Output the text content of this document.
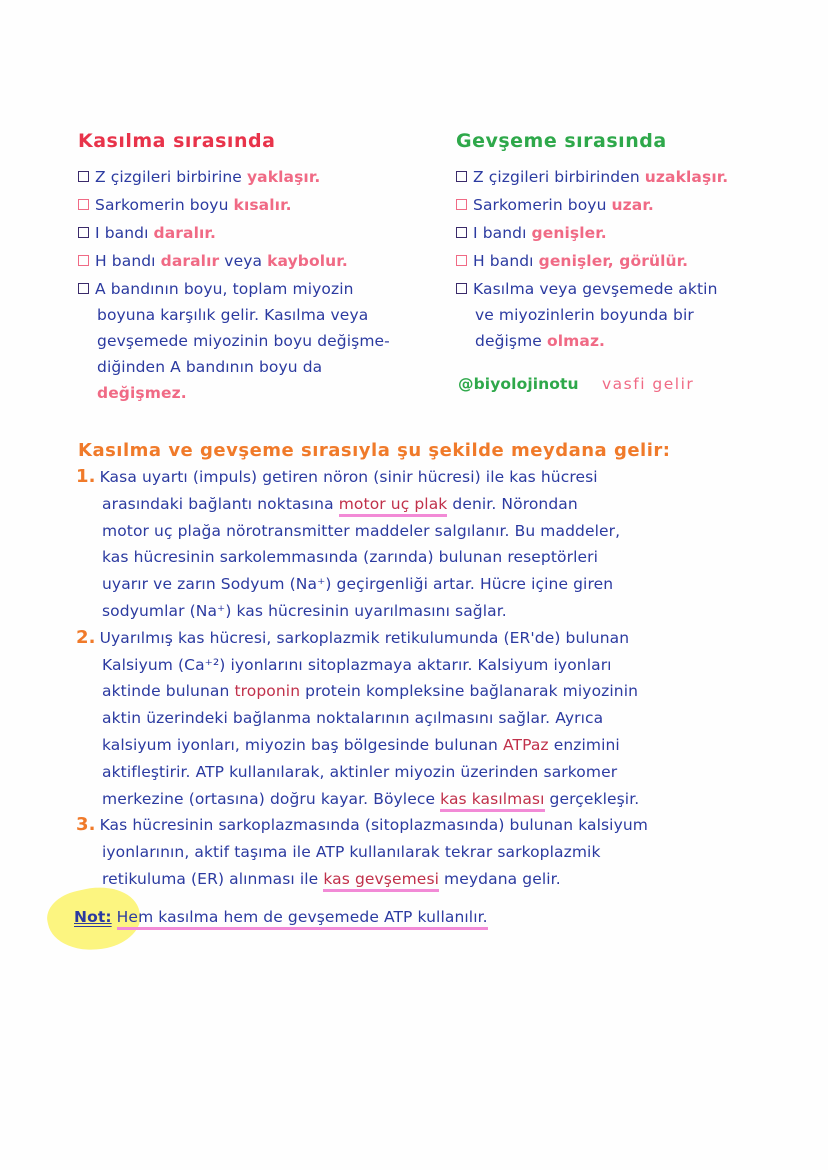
Kasılma sırasında	Gevşeme sırasında
Z çizgileri birbirine yaklaşır.
Sarkomerin boyu kısalır.
I bandı daralır.
H bandı daralır veya kaybolur.
A bandının boyu, toplam miyozin
boyuna karşılık gelir. Kasılma veya
gevşemede miyozinin boyu değişme-
diğinden A bandının boyu da
değişmez.
Z çizgileri birbirinden uzaklaşır.
Sarkomerin boyu uzar.
I bandı genişler.
H bandı genişler, görülür.
Kasılma veya gevşemede aktin
ve miyozinlerin boyunda bir
değişme olmaz.
@biyolojinotu vasfi gelir
Kasılma ve gevşeme sırasıyla şu şekilde meydana gelir:
1. Kasa uyartı (impuls) getiren nöron (sinir hücresi) ile kas hücresi
arasındaki bağlantı noktasına motor uç plak denir. Nörondan
motor uç plağa nörotransmitter maddeler salgılanır. Bu maddeler,
kas hücresinin sarkolemmasında (zarında) bulunan reseptörleri
uyarır ve zarın Sodyum (Na⁺) geçirgenliği artar. Hücre içine giren
sodyumlar (Na⁺) kas hücresinin uyarılmasını sağlar.
2. Uyarılmış kas hücresi, sarkoplazmik retikulumunda (ER'de) bulunan
Kalsiyum (Ca⁺²) iyonlarını sitoplazmaya aktarır. Kalsiyum iyonları
aktinde bulunan troponin protein kompleksine bağlanarak miyozinin
aktin üzerindeki bağlanma noktalarının açılmasını sağlar. Ayrıca
kalsiyum iyonları, miyozin baş bölgesinde bulunan ATPaz enzimini
aktifleştirir. ATP kullanılarak, aktinler miyozin üzerinden sarkomer
merkezine (ortasına) doğru kayar. Böylece kas kasılması gerçekleşir.
3. Kas hücresinin sarkoplazmasında (sitoplazmasında) bulunan kalsiyum
iyonlarının, aktif taşıma ile ATP kullanılarak tekrar sarkoplazmik
retikuluma (ER) alınması ile kas gevşemesi meydana gelir.
Not: Hem kasılma hem de gevşemede ATP kullanılır.
